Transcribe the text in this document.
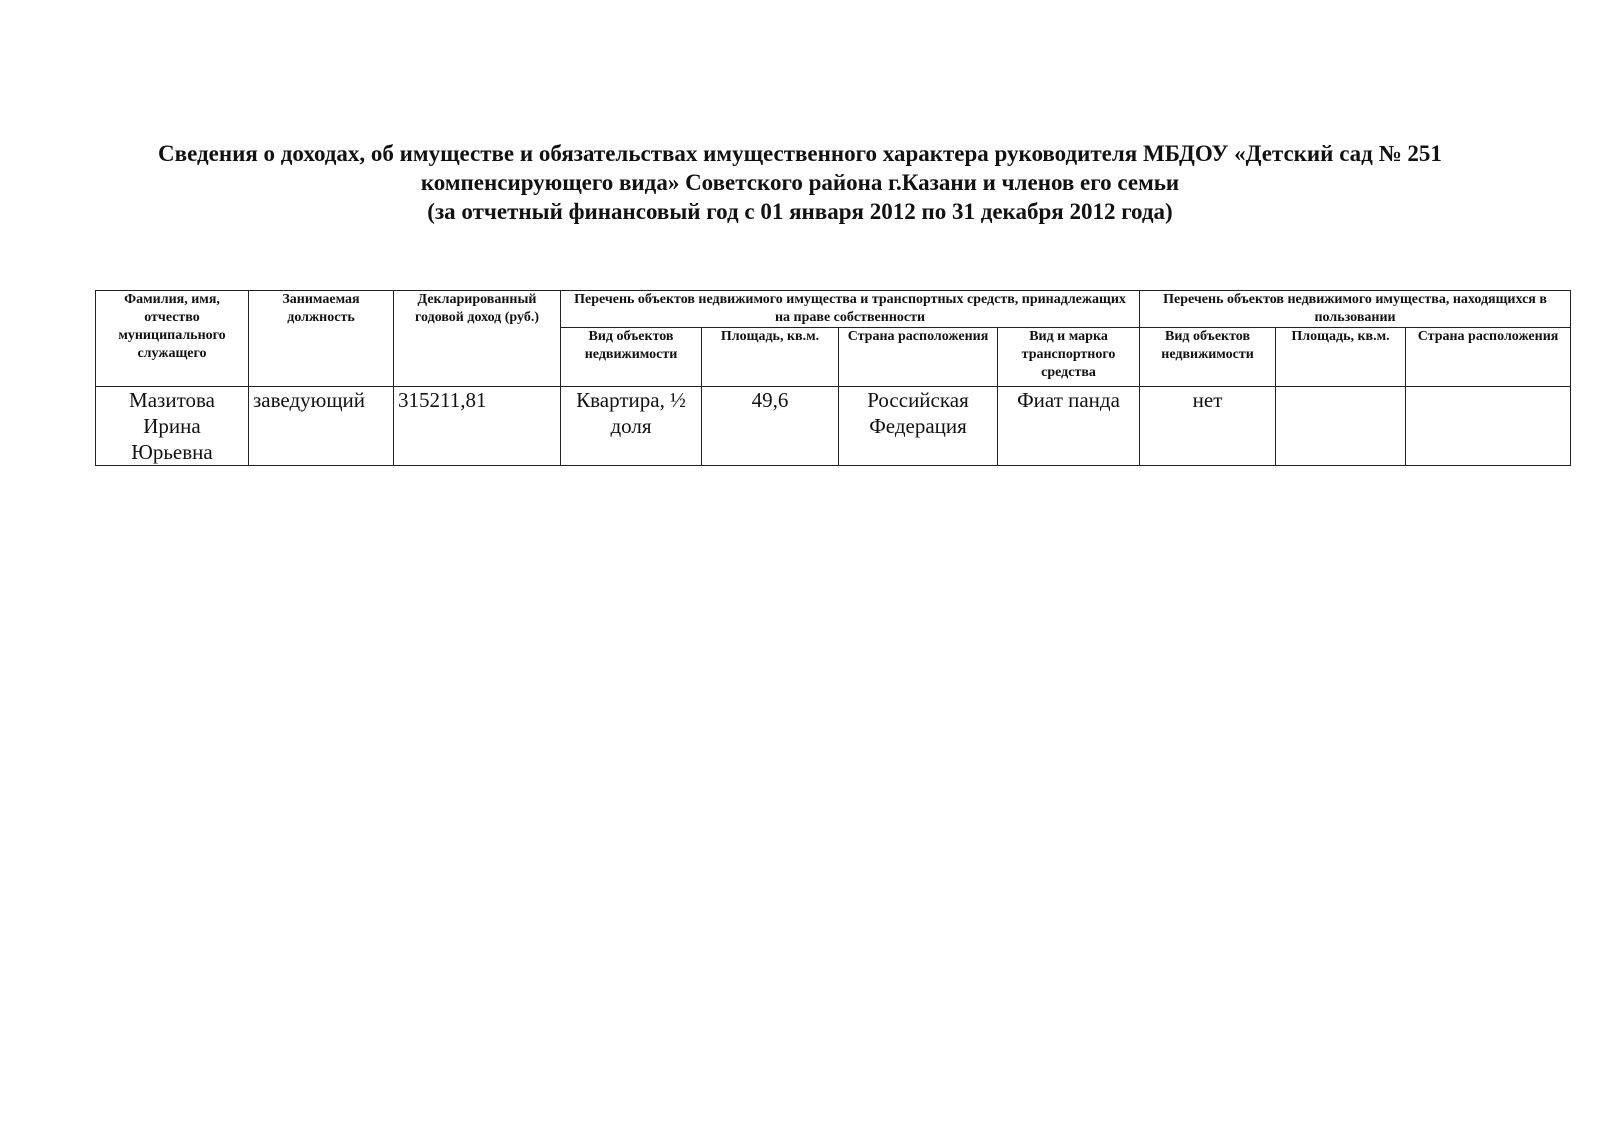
Сведения о доходах, об имуществе и обязательствах имущественного характера руководителя МБДОУ «Детский сад № 251
компенсирующего вида» Советского района г.Казани и членов его семьи
(за отчетный финансовый год с 01 января 2012 по 31 декабря 2012 года)
Фамилия, имя, отчество муниципального служащего	Занимаемая должность	Декларированный годовой доход (руб.)	Перечень объектов недвижимого имущества и транспортных средств, принадлежащих на праве собственности				Перечень объектов недвижимого имущества, находящихся в пользовании		
			Вид объектов недвижимости	Площадь, кв.м.	Страна расположения	Вид и марка транспортного средства	Вид объектов недвижимости	Площадь, кв.м.	Страна расположения
Мазитова Ирина Юрьевна	заведующий	315211,81	Квартира, ½ доля	49,6	Российская Федерация	Фиат панда	нет		
